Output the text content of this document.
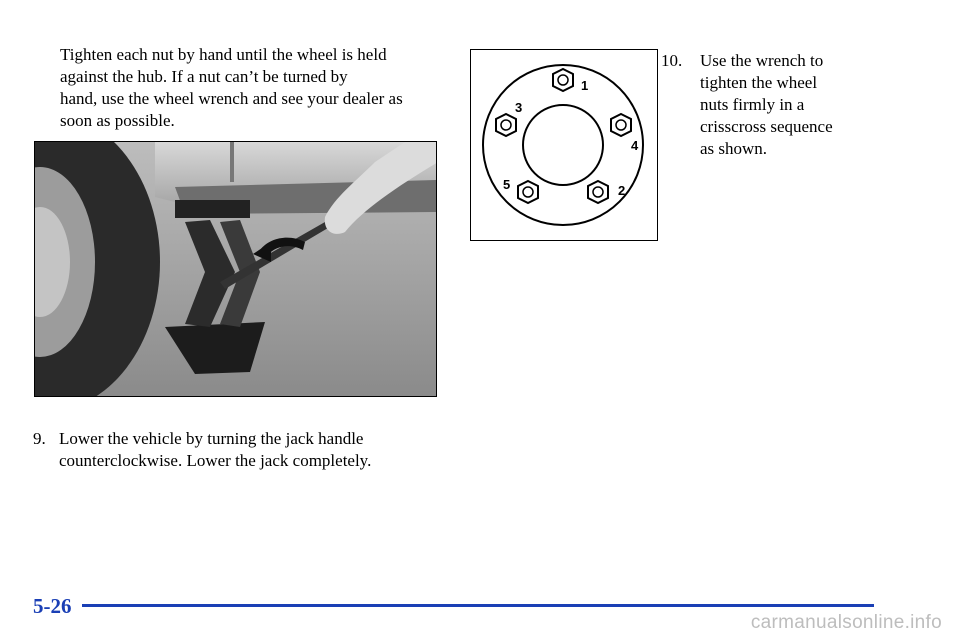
Tighten each nut by hand until the wheel is held
against the hub. If a nut can’t be turned by
hand, use the wheel wrench and see your dealer as
soon as possible.
9. Lower the vehicle by turning the jack handle
counterclockwise. Lower the jack completely.
1
2
3
4
5
10. Use the wrench to
tighten the wheel
nuts firmly in a
crisscross sequence
as shown.
5-26
carmanualsonline.info
